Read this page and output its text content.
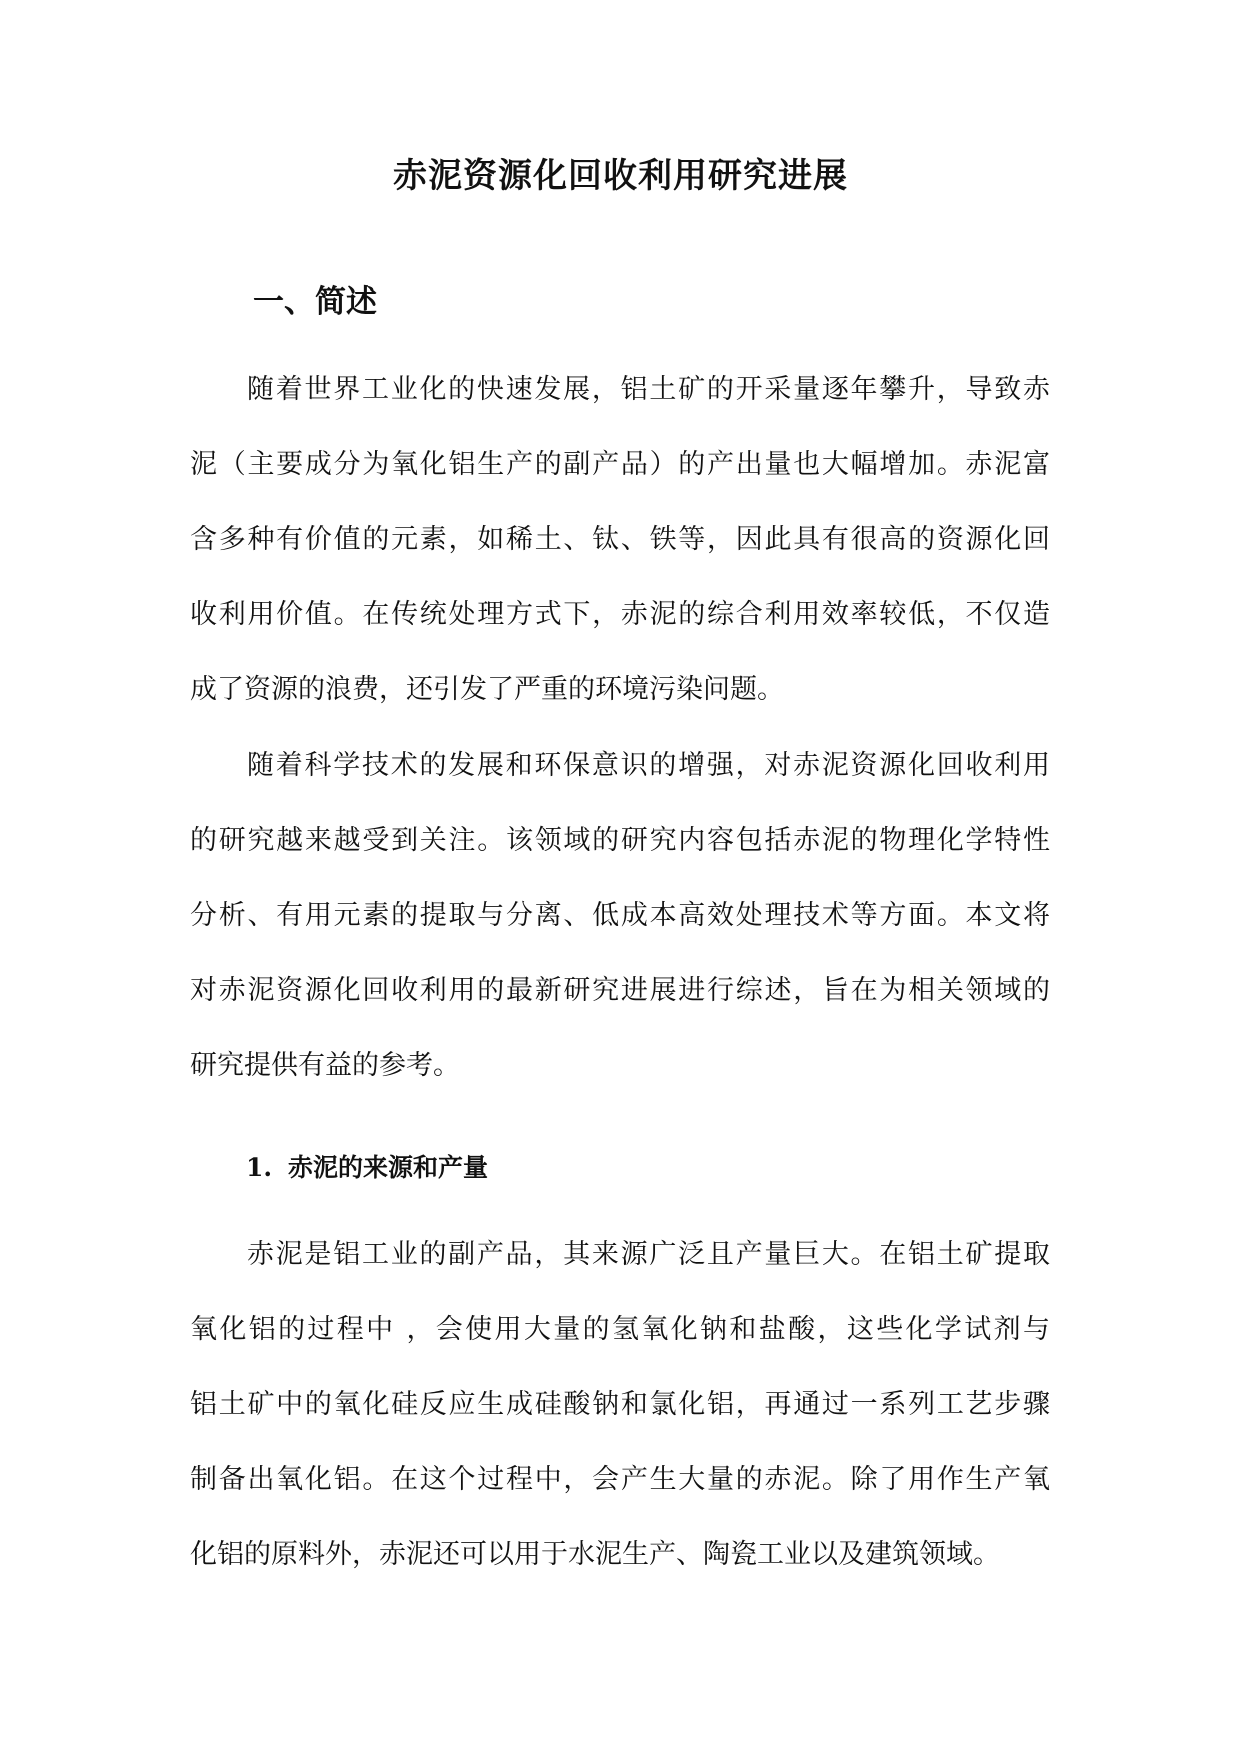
赤泥资源化回收利用研究进展
一、简述
随着世界工业化的快速发展，铝土矿的开采量逐年攀升，导致赤
泥（主要成分为氧化铝生产的副产品）的产出量也大幅增加。赤泥富
含多种有价值的元素，如稀土、钛、铁等，因此具有很高的资源化回
收利用价值。在传统处理方式下，赤泥的综合利用效率较低，不仅造
成了资源的浪费，还引发了严重的环境污染问题。
随着科学技术的发展和环保意识的增强，对赤泥资源化回收利用
的研究越来越受到关注。该领域的研究内容包括赤泥的物理化学特性
分析、有用元素的提取与分离、低成本高效处理技术等方面。本文将
对赤泥资源化回收利用的最新研究进展进行综述，旨在为相关领域的
研究提供有益的参考。
1. 赤泥的来源和产量
赤泥是铝工业的副产品，其来源广泛且产量巨大。在铝土矿提取
氧化铝的过程中 ，会使用大量的氢氧化钠和盐酸，这些化学试剂与
铝土矿中的氧化硅反应生成硅酸钠和氯化铝，再通过一系列工艺步骤
制备出氧化铝。在这个过程中，会产生大量的赤泥。除了用作生产氧
化铝的原料外，赤泥还可以用于水泥生产、陶瓷工业以及建筑领域。
